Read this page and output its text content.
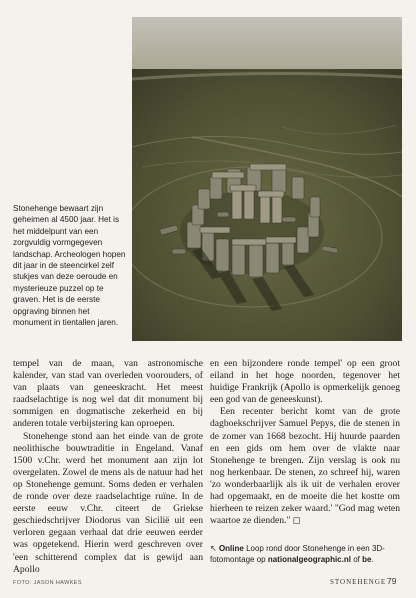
Stonehenge bewaart zijn geheimen al 4500 jaar. Het is het middelpunt van een zorgvuldig vormgegeven landschap. Archeologen hopen dit jaar in de steencirkel zelf stukjes van deze oeroude en mysterieuze puzzel op te graven. Het is de eerste opgraving binnen het monument in tientallen jaren.

tempel van de maan, van astronomische kalender, van stad van overleden voorouders, of van plaats van geneeskracht. Het meest raadselachtige is nog wel dat dit monument bij sommigen en dogmatische zekerheid en bij anderen totale verbijstering kan oproepen.

Stonehenge stond aan het einde van de grote neolithische bouwtraditie in Engeland. Vanaf 1500 v.Chr. werd het monument aan zijn lot overgelaten. Zowel de mens als de natuur had het op Stonehenge gemunt. Soms deden er verhalen de ronde over deze raadselachtige ruïne. In de eerste eeuw v.Chr. citeert de Griekse geschiedschrijver Diodorus van Sicilië uit een verloren gegaan verhaal dat drie eeuwen eerder was opgetekend. Hierin werd geschreven over 'een schitterend complex dat is gewijd aan Apollo

en een bijzondere ronde tempel' op een groot eiland in het hoge noorden, tegenover het huidige Frankrijk (Apollo is opmerkelijk genoeg een god van de geneeskunst).

Een recenter bericht komt van de grote dagboekschrijver Samuel Pepys, die de stenen in de zomer van 1668 bezocht. Hij huurde paarden en een gids om hem over de vlakte naar Stonehenge te brengen. Zijn verslag is ook nu nog herkenbaar. De stenen, zo schreef hij, waren 'zo wonderbaarlijk als ik uit de verhalen erover had opgemaakt, en de moeite die het kostte om hierheen te reizen zeker waard.' "God mag weten waartoe ze dienden." ◻

↖ Online Loop rond door Stonehenge in een 3D-fotomontage op nationalgeographic.nl of be.

FOTO: JASON HAWKES	STONEHENGE 79
